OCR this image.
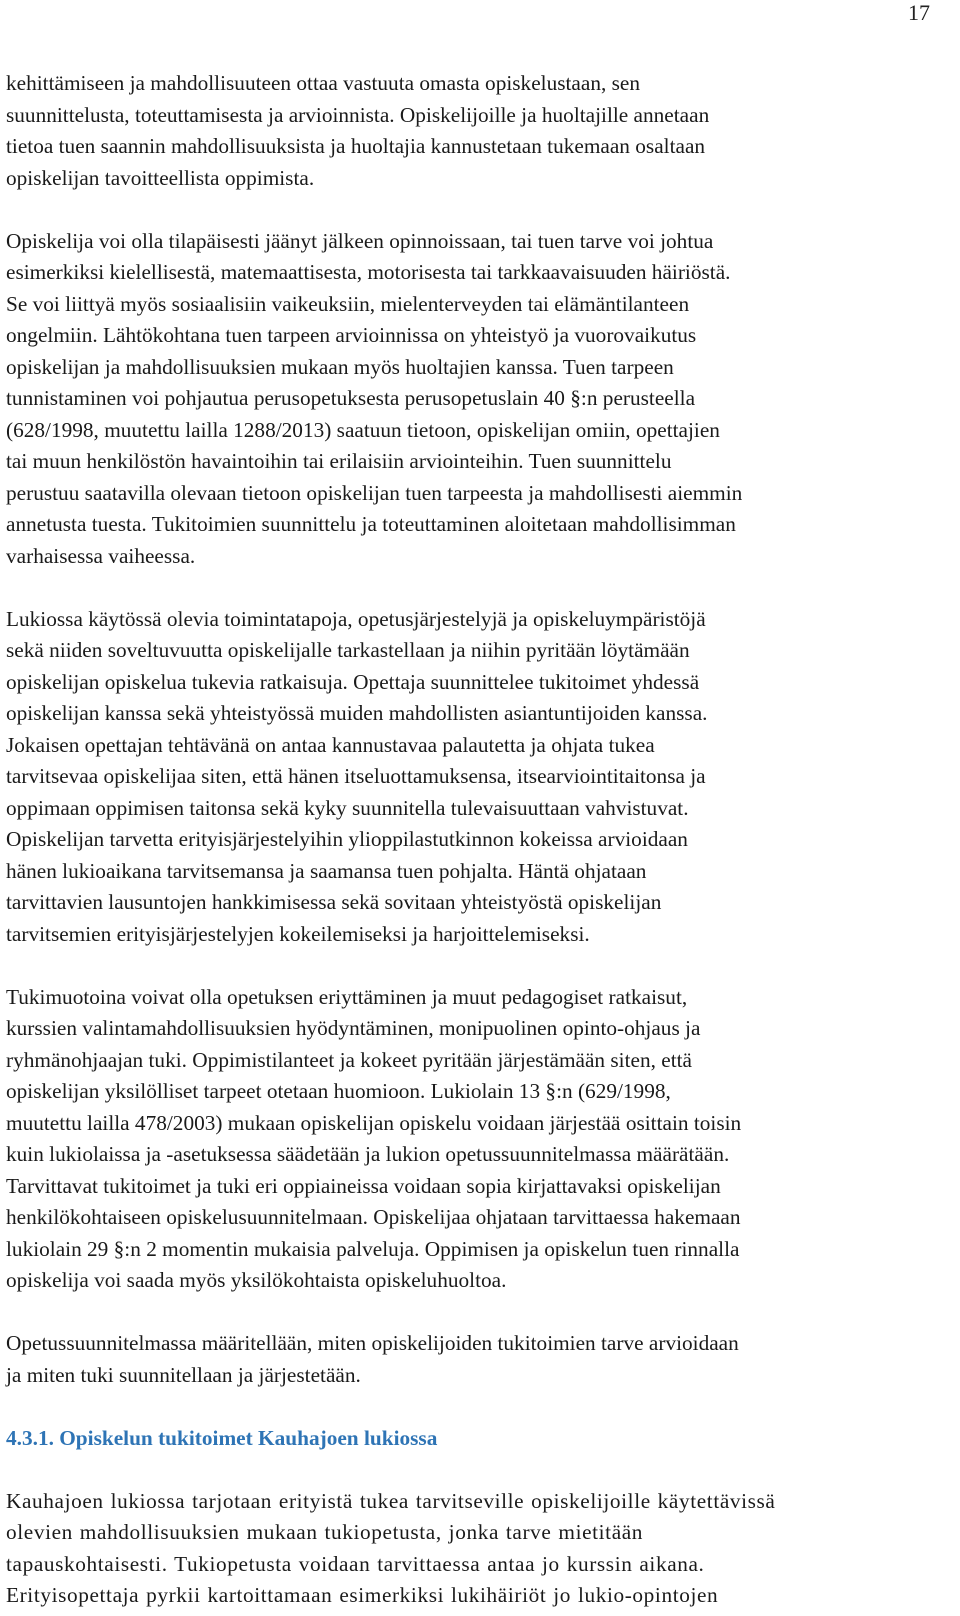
17

kehittämiseen ja mahdollisuuteen ottaa vastuuta omasta opiskelustaan, sen
suunnittelusta, toteuttamisesta ja arvioinnista. Opiskelijoille ja huoltajille annetaan
tietoa tuen saannin mahdollisuuksista ja huoltajia kannustetaan tukemaan osaltaan
opiskelijan tavoitteellista oppimista.

Opiskelija voi olla tilapäisesti jäänyt jälkeen opinnoissaan, tai tuen tarve voi johtua
esimerkiksi kielellisestä, matemaattisesta, motorisesta tai tarkkaavaisuuden häiriöstä.
Se voi liittyä myös sosiaalisiin vaikeuksiin, mielenterveyden tai elämäntilanteen
ongelmiin. Lähtökohtana tuen tarpeen arvioinnissa on yhteistyö ja vuorovaikutus
opiskelijan ja mahdollisuuksien mukaan myös huoltajien kanssa. Tuen tarpeen
tunnistaminen voi pohjautua perusopetuksesta perusopetuslain 40 §:n perusteella
(628/1998, muutettu lailla 1288/2013) saatuun tietoon, opiskelijan omiin, opettajien
tai muun henkilöstön havaintoihin tai erilaisiin arviointeihin. Tuen suunnittelu
perustuu saatavilla olevaan tietoon opiskelijan tuen tarpeesta ja mahdollisesti aiemmin
annetusta tuesta. Tukitoimien suunnittelu ja toteuttaminen aloitetaan mahdollisimman
varhaisessa vaiheessa.

Lukiossa käytössä olevia toimintatapoja, opetusjärjestelyjä ja opiskeluympäristöjä
sekä niiden soveltuvuutta opiskelijalle tarkastellaan ja niihin pyritään löytämään
opiskelijan opiskelua tukevia ratkaisuja. Opettaja suunnittelee tukitoimet yhdessä
opiskelijan kanssa sekä yhteistyössä muiden mahdollisten asiantuntijoiden kanssa.
Jokaisen opettajan tehtävänä on antaa kannustavaa palautetta ja ohjata tukea
tarvitsevaa opiskelijaa siten, että hänen itseluottamuksensa, itsearviointitaitonsa ja
oppimaan oppimisen taitonsa sekä kyky suunnitella tulevaisuuttaan vahvistuvat.
Opiskelijan tarvetta erityisjärjestelyihin ylioppilastutkinnon kokeissa arvioidaan
hänen lukioaikana tarvitsemansa ja saamansa tuen pohjalta. Häntä ohjataan
tarvittavien lausuntojen hankkimisessa sekä sovitaan yhteistyöstä opiskelijan
tarvitsemien erityisjärjestelyjen kokeilemiseksi ja harjoittelemiseksi.

Tukimuotoina voivat olla opetuksen eriyttäminen ja muut pedagogiset ratkaisut,
kurssien valintamahdollisuuksien hyödyntäminen, monipuolinen opinto-ohjaus ja
ryhmänohjaajan tuki. Oppimistilanteet ja kokeet pyritään järjestämään siten, että
opiskelijan yksilölliset tarpeet otetaan huomioon. Lukiolain 13 §:n (629/1998,
muutettu lailla 478/2003) mukaan opiskelijan opiskelu voidaan järjestää osittain toisin
kuin lukiolaissa ja -asetuksessa säädetään ja lukion opetussuunnitelmassa määrätään.
Tarvittavat tukitoimet ja tuki eri oppiaineissa voidaan sopia kirjattavaksi opiskelijan
henkilökohtaiseen opiskelusuunnitelmaan. Opiskelijaa ohjataan tarvittaessa hakemaan
lukiolain 29 §:n 2 momentin mukaisia palveluja. Oppimisen ja opiskelun tuen rinnalla
opiskelija voi saada myös yksilökohtaista opiskeluhuoltoa.

Opetussuunnitelmassa määritellään, miten opiskelijoiden tukitoimien tarve arvioidaan
ja miten tuki suunnitellaan ja järjestetään.

4.3.1. Opiskelun tukitoimet Kauhajoen lukiossa

Kauhajoen lukiossa tarjotaan erityistä tukea tarvitseville opiskelijoille käytettävissä
olevien mahdollisuuksien mukaan tukiopetusta, jonka tarve mietitään
tapauskohtaisesti. Tukiopetusta voidaan tarvittaessa antaa jo kurssin aikana.
Erityisopettaja pyrkii kartoittamaan esimerkiksi lukihäiriöt jo lukio-opintojen
